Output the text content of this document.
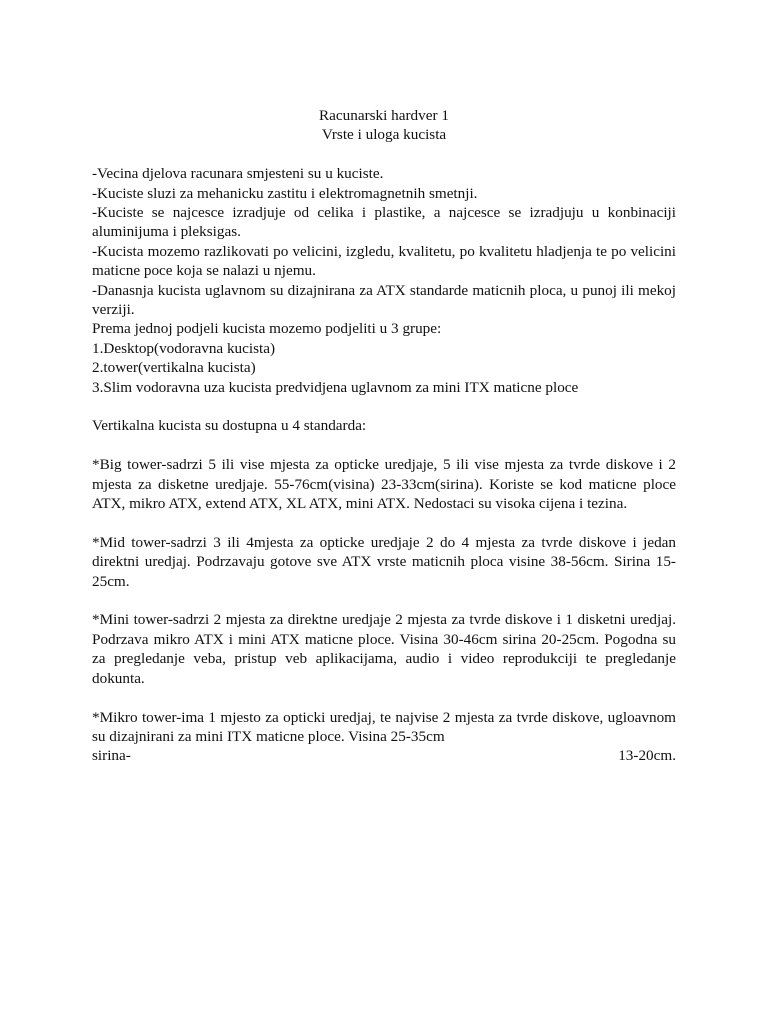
Racunarski hardver 1
Vrste i uloga kucista

-Vecina djelova racunara smjesteni su u kuciste.

-Kuciste sluzi za mehanicku zastitu i elektromagnetnih smetnji.

-Kuciste se najcesce izradjuje od celika i plastike, a najcesce se izradjuju u konbinaciji aluminijuma i pleksigas.

-Kucista mozemo razlikovati po velicini, izgledu, kvalitetu, po kvalitetu hladjenja te po velicini maticne poce koja se nalazi u njemu.

-Danasnja kucista uglavnom su dizajnirana za ATX standarde maticnih ploca, u punoj ili mekoj verziji.

Prema jednoj podjeli kucista mozemo podjeliti u 3 grupe:

1.Desktop(vodoravna kucista)
2.tower(vertikalna kucista)
3.Slim vodoravna uza kucista predvidjena uglavnom za mini ITX maticne ploce

Vertikalna kucista su dostupna u 4 standarda:

*Big tower-sadrzi 5 ili vise mjesta za opticke uredjaje, 5 ili vise mjesta za tvrde diskove i 2 mjesta za disketne uredjaje. 55-76cm(visina) 23-33cm(sirina). Koriste se kod maticne ploce ATX, mikro ATX, extend ATX, XL ATX, mini ATX. Nedostaci su visoka cijena i tezina.

*Mid tower-sadrzi 3 ili 4mjesta za opticke uredjaje 2 do 4 mjesta za tvrde diskove i jedan direktni uredjaj. Podrzavaju gotove sve ATX vrste maticnih ploca visine 38-56cm. Sirina 15-25cm.

*Mini tower-sadrzi 2 mjesta za direktne uredjaje 2 mjesta za tvrde diskove i 1 disketni uredjaj. Podrzava mikro ATX i mini ATX maticne ploce. Visina 30-46cm sirina 20-25cm. Pogodna su za pregledanje veba, pristup veb aplikacijama, audio i video reprodukciji te pregledanje dokunta.

*Mikro tower-ima 1 mjesto za opticki uredjaj, te najvise 2 mjesta za tvrde diskove, ugloavnom su dizajnirani za mini ITX maticne ploce. Visina 25-35cm

sirina-	13-20cm.
